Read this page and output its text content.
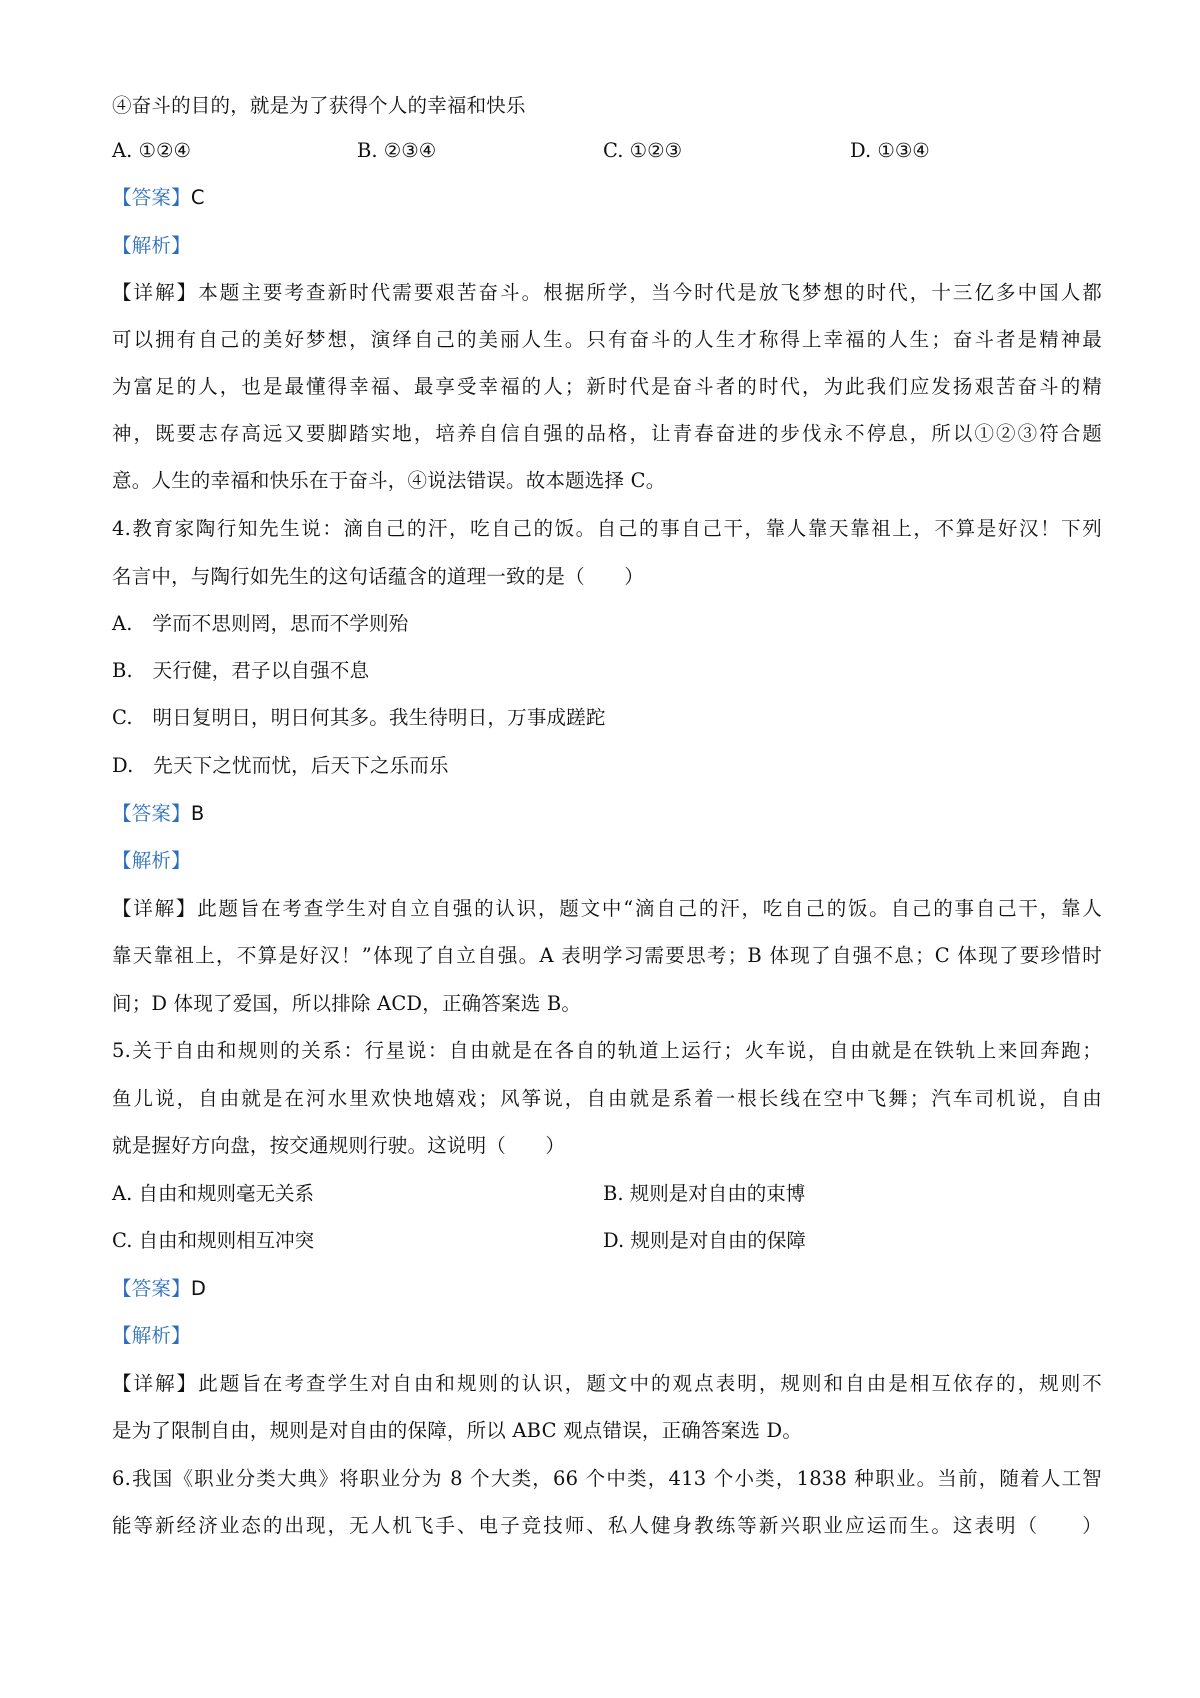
④奋斗的目的，就是为了获得个人的幸福和快乐
A. ①②④	B. ②③④	C. ①②③	D. ①③④
【答案】C
【解析】
【详解】本题主要考查新时代需要艰苦奋斗。根据所学，当今时代是放飞梦想的时代，十三亿多中国人都
可以拥有自己的美好梦想，演绎自己的美丽人生。只有奋斗的人生才称得上幸福的人生；奋斗者是精神最
为富足的人，也是最懂得幸福、最享受幸福的人；新时代是奋斗者的时代，为此我们应发扬艰苦奋斗的精
神，既要志存高远又要脚踏实地，培养自信自强的品格，让青春奋进的步伐永不停息，所以①②③符合题
意。人生的幸福和快乐在于奋斗，④说法错误。故本题选择 C。
4.教育家陶行知先生说：滴自己的汗，吃自己的饭。自己的事自己干，靠人靠天靠祖上，不算是好汉！下列
名言中，与陶行如先生的这句话蕴含的道理一致的是（　　）
A.　学而不思则罔，思而不学则殆
B.　天行健，君子以自强不息
C.　明日复明日，明日何其多。我生待明日，万事成蹉跎
D.　先天下之忧而忧，后天下之乐而乐
【答案】B
【解析】
【详解】此题旨在考查学生对自立自强的认识，题文中“滴自己的汗，吃自己的饭。自己的事自己干，靠人
靠天靠祖上，不算是好汉！”体现了自立自强。A 表明学习需要思考；B 体现了自强不息；C 体现了要珍惜时
间；D 体现了爱国，所以排除 ACD，正确答案选 B。
5.关于自由和规则的关系：行星说：自由就是在各自的轨道上运行；火车说，自由就是在铁轨上来回奔跑；
鱼儿说，自由就是在河水里欢快地嬉戏；风筝说，自由就是系着一根长线在空中飞舞；汽车司机说，自由
就是握好方向盘，按交通规则行驶。这说明（　　）
A. 自由和规则毫无关系	B. 规则是对自由的束博
C. 自由和规则相互冲突	D. 规则是对自由的保障
【答案】D
【解析】
【详解】此题旨在考查学生对自由和规则的认识，题文中的观点表明，规则和自由是相互依存的，规则不
是为了限制自由，规则是对自由的保障，所以 ABC 观点错误，正确答案选 D。
6.我国《职业分类大典》将职业分为 8 个大类，66 个中类，413 个小类，1838 种职业。当前，随着人工智
能等新经济业态的出现，无人机飞手、电子竞技师、私人健身教练等新兴职业应运而生。这表明（　　）
